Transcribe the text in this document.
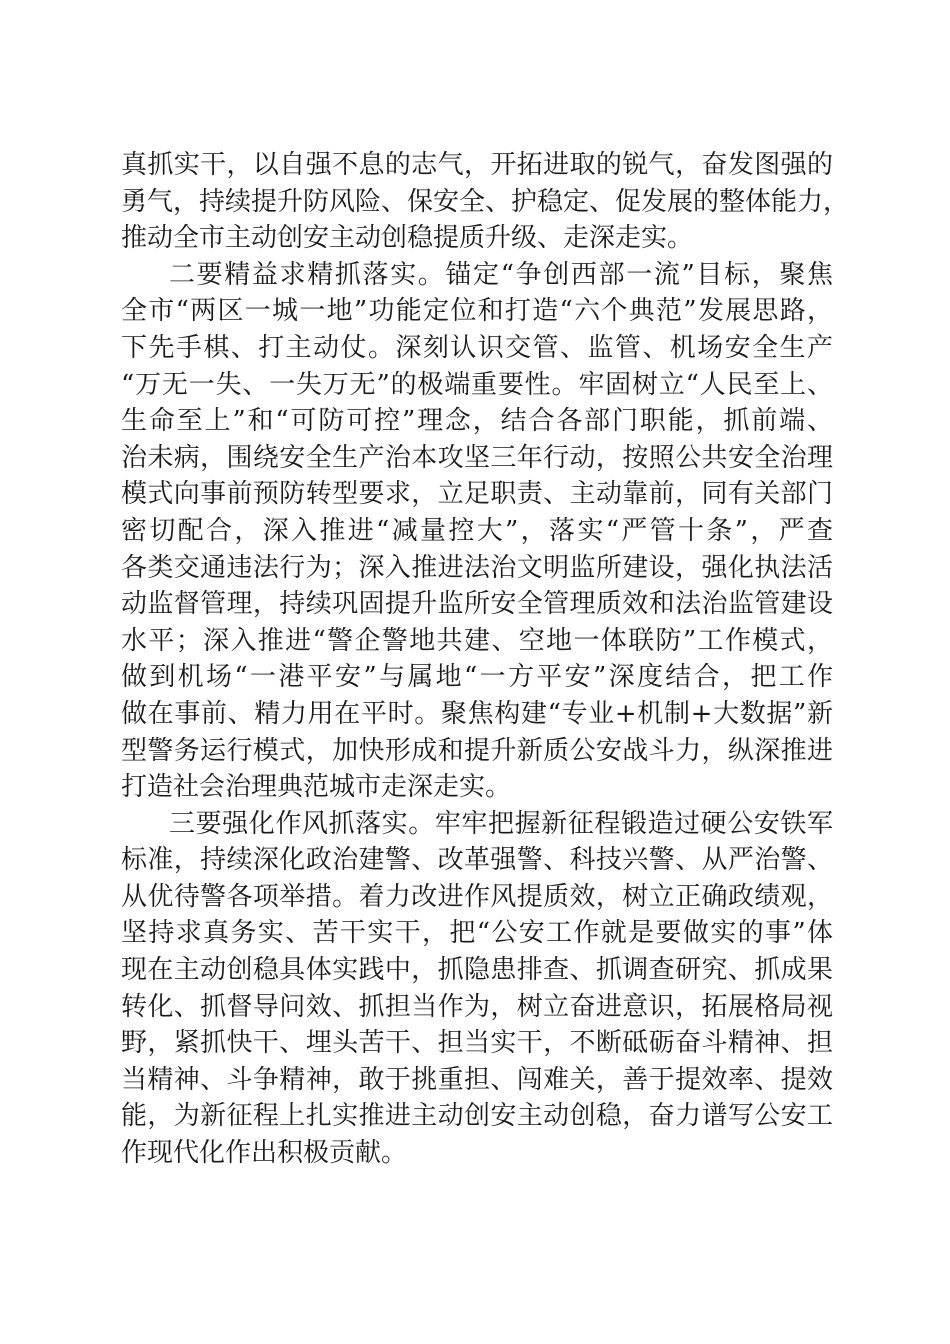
真抓实干，以自强不息的志气，开拓进取的锐气，奋发图强的
勇气，持续提升防风险、保安全、护稳定、促发展的整体能力，
推动全市主动创安主动创稳提质升级、走深走实。
二要精益求精抓落实。锚定“争创西部一流”目标，聚焦
全市“两区一城一地”功能定位和打造“六个典范”发展思路，
下先手棋、打主动仗。深刻认识交管、监管、机场安全生产
“万无一失、一失万无”的极端重要性。牢固树立“人民至上、
生命至上”和“可防可控”理念，结合各部门职能，抓前端、
治未病，围绕安全生产治本攻坚三年行动，按照公共安全治理
模式向事前预防转型要求，立足职责、主动靠前，同有关部门
密切配合，深入推进“减量控大”，落实“严管十条”，严查
各类交通违法行为；深入推进法治文明监所建设，强化执法活
动监督管理，持续巩固提升监所安全管理质效和法治监管建设
水平；深入推进“警企警地共建、空地一体联防”工作模式，
做到机场“一港平安”与属地“一方平安”深度结合，把工作
做在事前、精力用在平时。聚焦构建“专业+机制+大数据”新
型警务运行模式，加快形成和提升新质公安战斗力，纵深推进
打造社会治理典范城市走深走实。
三要强化作风抓落实。牢牢把握新征程锻造过硬公安铁军
标准，持续深化政治建警、改革强警、科技兴警、从严治警、
从优待警各项举措。着力改进作风提质效，树立正确政绩观，
坚持求真务实、苦干实干，把“公安工作就是要做实的事”体
现在主动创稳具体实践中，抓隐患排查、抓调查研究、抓成果
转化、抓督导问效、抓担当作为，树立奋进意识，拓展格局视
野，紧抓快干、埋头苦干、担当实干，不断砥砺奋斗精神、担
当精神、斗争精神，敢于挑重担、闯难关，善于提效率、提效
能，为新征程上扎实推进主动创安主动创稳，奋力谱写公安工
作现代化作出积极贡献。
